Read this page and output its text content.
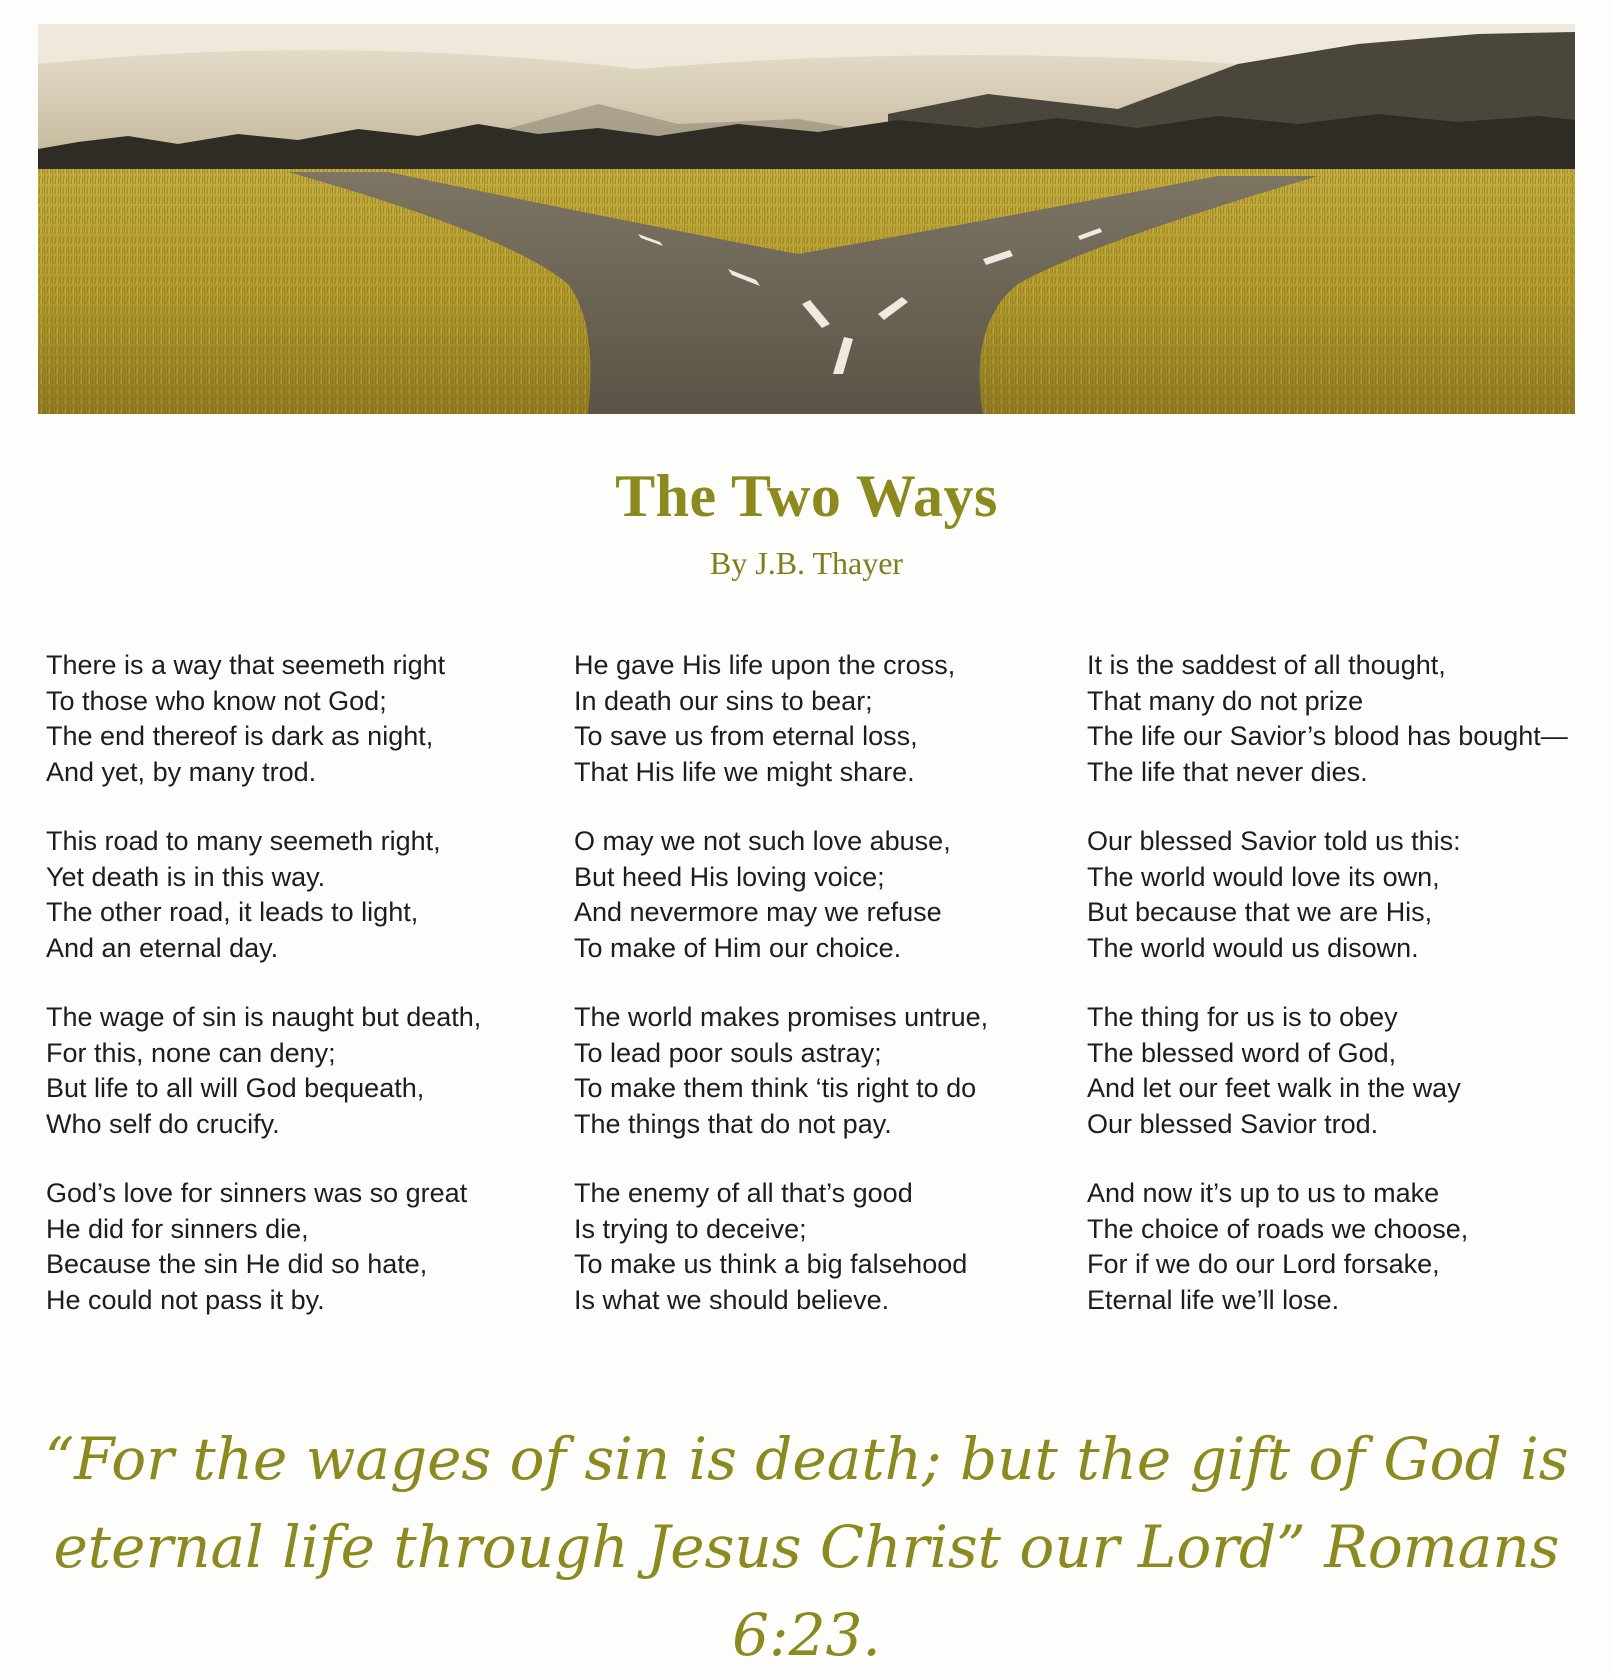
The Two Ways

By J.B. Thayer

There is a way that seemeth right
To those who know not God;
The end thereof is dark as night,
And yet, by many trod.
This road to many seemeth right,
Yet death is in this way.
The other road, it leads to light,
And an eternal day.
The wage of sin is naught but death,
For this, none can deny;
But life to all will God bequeath,
Who self do crucify.
God’s love for sinners was so great
He did for sinners die,
Because the sin He did so hate,
He could not pass it by.
He gave His life upon the cross,
In death our sins to bear;
To save us from eternal loss,
That His life we might share.
O may we not such love abuse,
But heed His loving voice;
And nevermore may we refuse
To make of Him our choice.
The world makes promises untrue,
To lead poor souls astray;
To make them think ‘tis right to do
The things that do not pay.
The enemy of all that’s good
Is trying to deceive;
To make us think a big falsehood
Is what we should believe.
It is the saddest of all thought,
That many do not prize
The life our Savior’s blood has bought—
The life that never dies.
Our blessed Savior told us this:
The world would love its own,
But because that we are His,
The world would us disown.
The thing for us is to obey
The blessed word of God,
And let our feet walk in the way
Our blessed Savior trod.
And now it’s up to us to make
The choice of roads we choose,
For if we do our Lord forsake,
Eternal life we’ll lose.
“For the wages of sin is death; but the gift of God is
eternal life through Jesus Christ our Lord” Romans 6:23.
